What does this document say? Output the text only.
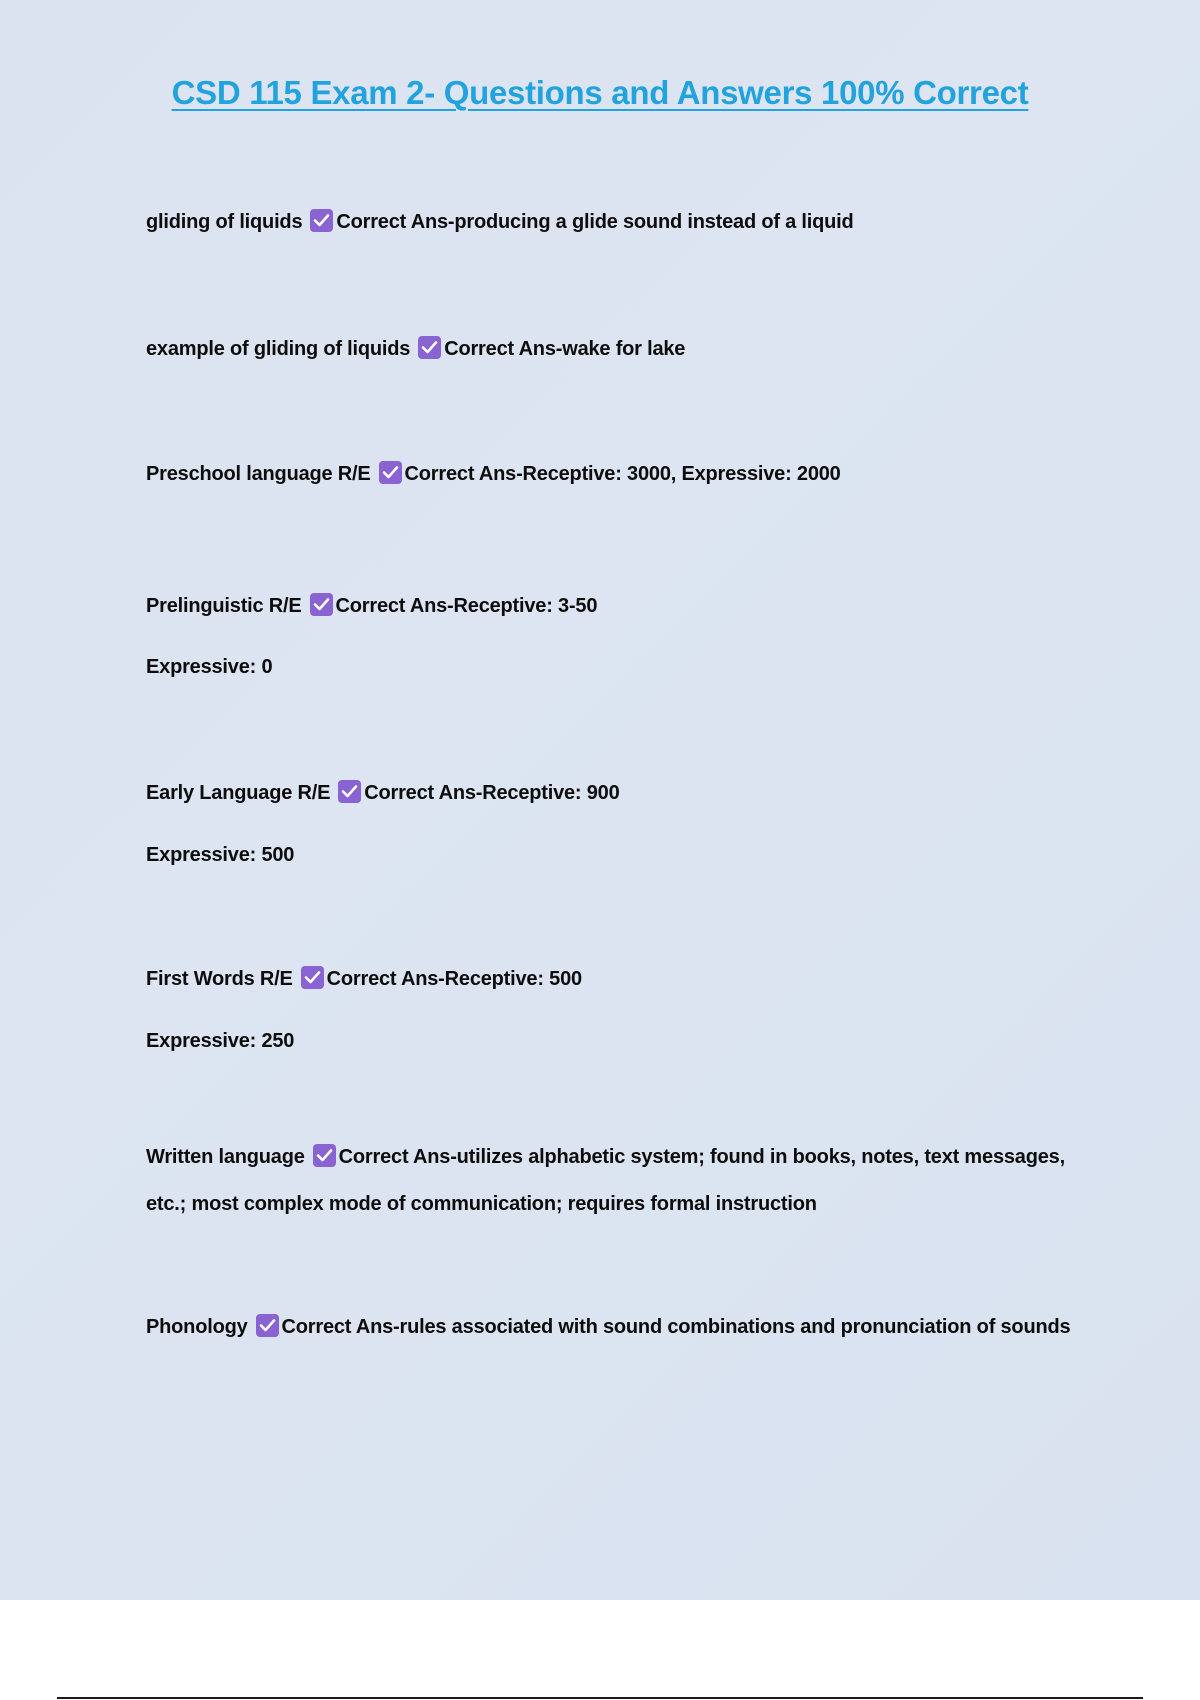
CSD 115 Exam 2- Questions and Answers 100% Correct
gliding of liquids Correct Ans-producing a glide sound instead of a liquid
example of gliding of liquids Correct Ans-wake for lake
Preschool language R/E Correct Ans-Receptive: 3000, Expressive: 2000
Prelinguistic R/E Correct Ans-Receptive: 3-50
Expressive: 0
Early Language R/E Correct Ans-Receptive: 900
Expressive: 500
First Words R/E Correct Ans-Receptive: 500
Expressive: 250
Written language Correct Ans-utilizes alphabetic system; found in books, notes, text messages, etc.; most complex mode of communication; requires formal instruction
Phonology Correct Ans-rules associated with sound combinations and pronunciation of sounds
